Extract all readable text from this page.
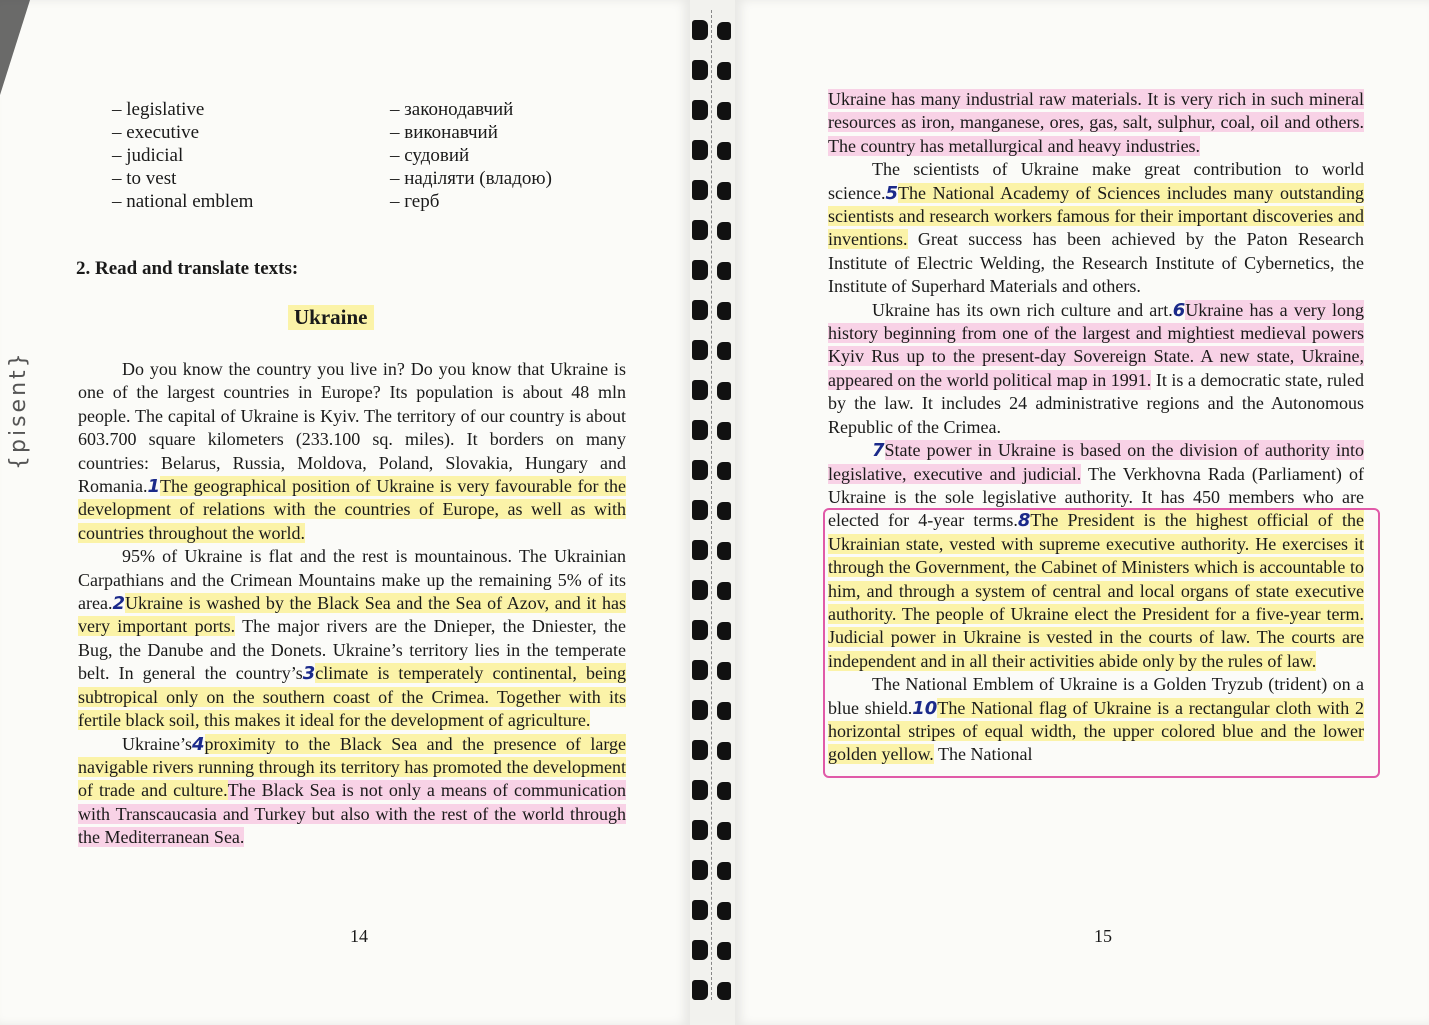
– legislative
– executive
– judicial
– to vest
– national emblem
– законодавчий
– виконавчий
– судовий
– наділяти (владою)
– герб
2. Read and translate texts:
Ukraine

Do you know the country you live in? Do you know that Ukraine is one of the largest countries in Europe? Its population is about 48 mln people. The capital of Ukraine is Kyiv. The territory of our country is about 603.700 square kilometers (233.100 sq. miles). It borders on many countries: Belarus, Russia, Moldova, Poland, Slovakia, Hungary and Romania.1The geographical position of Ukraine is very favourable for the development of relations with the countries of Europe, as well as with countries throughout the world.

95% of Ukraine is flat and the rest is mountainous. The Ukrainian Carpathians and the Crimean Mountains make up the remaining 5% of its area.2Ukraine is washed by the Black Sea and the Sea of Azov, and it has very important ports. The major rivers are the Dnieper, the Dniester, the Bug, the Danube and the Donets. Ukraine’s territory lies in the temperate belt. In general the country’s3climate is temperately continental, being subtropical only on the southern coast of the Crimea. Together with its fertile black soil, this makes it ideal for the development of agriculture.

Ukraine’s4proximity to the Black Sea and the presence of large navigable rivers running through its territory has promoted the development of trade and culture.The Black Sea is not only a means of communication with Transcaucasia and Turkey but also with the rest of the world through the Mediterranean Sea.

{pisent}
14

Ukraine has many industrial raw materials. It is very rich in such mineral resources as iron, manganese, ores, gas, salt, sulphur, coal, oil and others. The country has metallurgical and heavy industries.

The scientists of Ukraine make great contribution to world science.5The National Academy of Sciences includes many outstanding scientists and research workers famous for their important discoveries and inventions. Great success has been achieved by the Paton Research Institute of Electric Welding, the Research Institute of Cybernetics, the Institute of Superhard Materials and others.

Ukraine has its own rich culture and art.6Ukraine has a very long history beginning from one of the largest and mightiest medieval powers Kyiv Rus up to the present-day Sovereign State. A new state, Ukraine, appeared on the world political map in 1991. It is a democratic state, ruled by the law. It includes 24 administrative regions and the Autonomous Republic of the Crimea.

7State power in Ukraine is based on the division of authority into legislative, executive and judicial. The Verkhovna Rada (Parliament) of Ukraine is the sole legislative authority. It has 450 members who are elected for 4-year terms.8The President is the highest official of the Ukrainian state, vested with supreme executive authority. He exercises it through the Government, the Cabinet of Ministers which is accountable to him, and through a system of central and local organs of state executive authority. The people of Ukraine elect the President for a five-year term. Judicial power in Ukraine is vested in the courts of law. The courts are independent and in all their activities abide only by the rules of law.

The National Emblem of Ukraine is a Golden Tryzub (trident) on a blue shield.10The National flag of Ukraine is a rectangular cloth with 2 horizontal stripes of equal width, the upper colored blue and the lower golden yellow. The National

15
